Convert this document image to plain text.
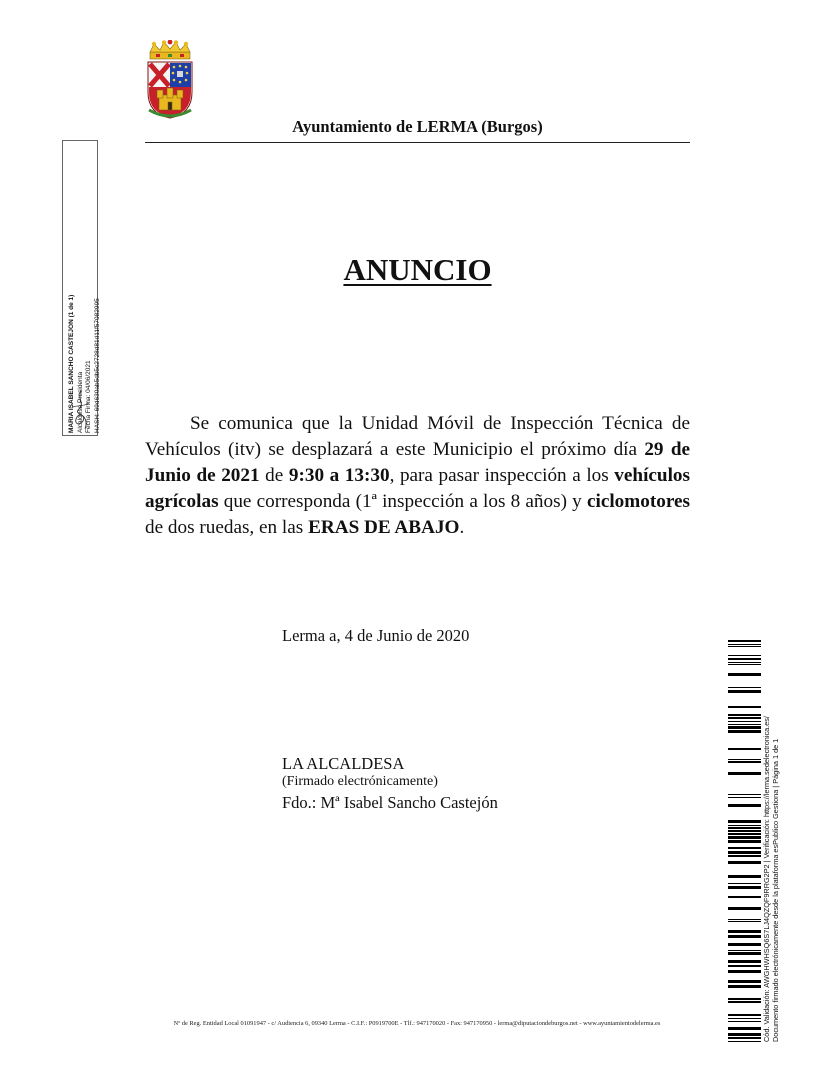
Ayuntamiento de LERMA (Burgos)
ANUNCIO
Se comunica que la Unidad Móvil de Inspección Técnica de Vehículos (itv) se desplazará a este Municipio el próximo día 29 de Junio de 2021 de 9:30 a 13:30, para pasar inspección a los vehículos agrícolas que corresponda (1ª inspección a los 8 años) y ciclomotores de dos ruedas, en las ERAS DE ABAJO.
Lerma a, 4 de Junio de 2020
LA ALCALDESA
(Firmado electrónicamente)
Fdo.: Mª Isabel Sancho Castejón
MARIA ISABEL SANCHO CASTEJON (1 de 1) Alcaldesa Presidenta Fecha Firma: 04/06/2021 HASH: 69d630ab5db5c2728d81d11f57082995
Cód. Validación: AWGHWHSQ6S7LJ4QZQF9RRG2P2 | Verificación: https://lerma.sedelectronica.es/ Documento firmado electrónicamente desde la plataforma esPublico Gestiona | Página 1 de 1
Nº de Reg. Entidad Local 01091947 - c/ Audiencia 6, 09340 Lerma - C.I.F.: P0919700E - Tlf.: 947170020 - Fax: 947170950 - lerma@diputaciondeburgos.net - www.ayuntamientodelerma.es
